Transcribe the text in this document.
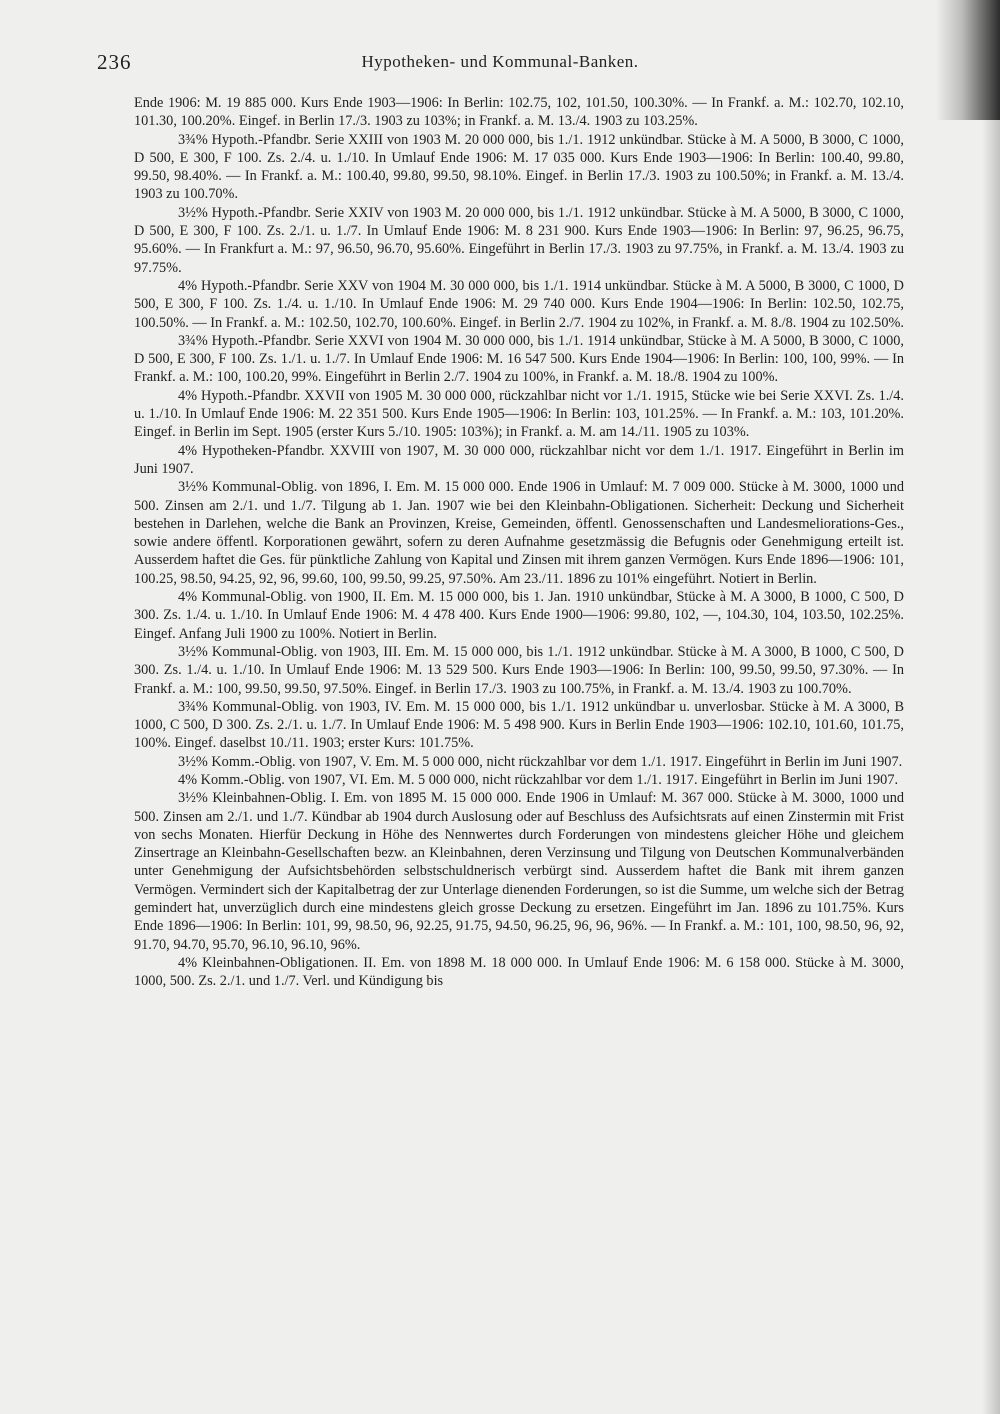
236	Hypotheken- und Kommunal-Banken.

Ende 1906: M. 19 885 000. Kurs Ende 1903—1906: In Berlin: 102.75, 102, 101.50, 100.30%. — In Frankf. a. M.: 102.70, 102.10, 101.30, 100.20%. Eingef. in Berlin 17./3. 1903 zu 103%; in Frankf. a. M. 13./4. 1903 zu 103.25%.

3¾% Hypoth.-Pfandbr. Serie XXIII von 1903 M. 20 000 000, bis 1./1. 1912 unkündbar. Stücke à M. A 5000, B 3000, C 1000, D 500, E 300, F 100. Zs. 2./4. u. 1./10. In Umlauf Ende 1906: M. 17 035 000. Kurs Ende 1903—1906: In Berlin: 100.40, 99.80, 99.50, 98.40%. — In Frankf. a. M.: 100.40, 99.80, 99.50, 98.10%. Eingef. in Berlin 17./3. 1903 zu 100.50%; in Frankf. a. M. 13./4. 1903 zu 100.70%.

3½% Hypoth.-Pfandbr. Serie XXIV von 1903 M. 20 000 000, bis 1./1. 1912 unkündbar. Stücke à M. A 5000, B 3000, C 1000, D 500, E 300, F 100. Zs. 2./1. u. 1./7. In Umlauf Ende 1906: M. 8 231 900. Kurs Ende 1903—1906: In Berlin: 97, 96.25, 96.75, 95.60%. — In Frankfurt a. M.: 97, 96.50, 96.70, 95.60%. Eingeführt in Berlin 17./3. 1903 zu 97.75%, in Frankf. a. M. 13./4. 1903 zu 97.75%.

4% Hypoth.-Pfandbr. Serie XXV von 1904 M. 30 000 000, bis 1./1. 1914 unkündbar. Stücke à M. A 5000, B 3000, C 1000, D 500, E 300, F 100. Zs. 1./4. u. 1./10. In Umlauf Ende 1906: M. 29 740 000. Kurs Ende 1904—1906: In Berlin: 102.50, 102.75, 100.50%. — In Frankf. a. M.: 102.50, 102.70, 100.60%. Eingef. in Berlin 2./7. 1904 zu 102%, in Frankf. a. M. 8./8. 1904 zu 102.50%.

3¾% Hypoth.-Pfandbr. Serie XXVI von 1904 M. 30 000 000, bis 1./1. 1914 unkündbar, Stücke à M. A 5000, B 3000, C 1000, D 500, E 300, F 100. Zs. 1./1. u. 1./7. In Umlauf Ende 1906: M. 16 547 500. Kurs Ende 1904—1906: In Berlin: 100, 100, 99%. — In Frankf. a. M.: 100, 100.20, 99%. Eingeführt in Berlin 2./7. 1904 zu 100%, in Frankf. a. M. 18./8. 1904 zu 100%.

4% Hypoth.-Pfandbr. XXVII von 1905 M. 30 000 000, rückzahlbar nicht vor 1./1. 1915, Stücke wie bei Serie XXVI. Zs. 1./4. u. 1./10. In Umlauf Ende 1906: M. 22 351 500. Kurs Ende 1905—1906: In Berlin: 103, 101.25%. — In Frankf. a. M.: 103, 101.20%. Eingef. in Berlin im Sept. 1905 (erster Kurs 5./10. 1905: 103%); in Frankf. a. M. am 14./11. 1905 zu 103%.

4% Hypotheken-Pfandbr. XXVIII von 1907, M. 30 000 000, rückzahlbar nicht vor dem 1./1. 1917. Eingeführt in Berlin im Juni 1907.

3½% Kommunal-Oblig. von 1896, I. Em. M. 15 000 000. Ende 1906 in Umlauf: M. 7 009 000. Stücke à M. 3000, 1000 und 500. Zinsen am 2./1. und 1./7. Tilgung ab 1. Jan. 1907 wie bei den Kleinbahn-Obligationen. Sicherheit: Deckung und Sicherheit bestehen in Darlehen, welche die Bank an Provinzen, Kreise, Gemeinden, öffentl. Genossenschaften und Landesmeliorations-Ges., sowie andere öffentl. Korporationen gewährt, sofern zu deren Aufnahme gesetzmässig die Befugnis oder Genehmigung erteilt ist. Ausserdem haftet die Ges. für pünktliche Zahlung von Kapital und Zinsen mit ihrem ganzen Vermögen. Kurs Ende 1896—1906: 101, 100.25, 98.50, 94.25, 92, 96, 99.60, 100, 99.50, 99.25, 97.50%. Am 23./11. 1896 zu 101% eingeführt. Notiert in Berlin.

4% Kommunal-Oblig. von 1900, II. Em. M. 15 000 000, bis 1. Jan. 1910 unkündbar, Stücke à M. A 3000, B 1000, C 500, D 300. Zs. 1./4. u. 1./10. In Umlauf Ende 1906: M. 4 478 400. Kurs Ende 1900—1906: 99.80, 102, —, 104.30, 104, 103.50, 102.25%. Eingef. Anfang Juli 1900 zu 100%. Notiert in Berlin.

3½% Kommunal-Oblig. von 1903, III. Em. M. 15 000 000, bis 1./1. 1912 unkündbar. Stücke à M. A 3000, B 1000, C 500, D 300. Zs. 1./4. u. 1./10. In Umlauf Ende 1906: M. 13 529 500. Kurs Ende 1903—1906: In Berlin: 100, 99.50, 99.50, 97.30%. — In Frankf. a. M.: 100, 99.50, 99.50, 97.50%. Eingef. in Berlin 17./3. 1903 zu 100.75%, in Frankf. a. M. 13./4. 1903 zu 100.70%.

3¾% Kommunal-Oblig. von 1903, IV. Em. M. 15 000 000, bis 1./1. 1912 unkündbar u. unverlosbar. Stücke à M. A 3000, B 1000, C 500, D 300. Zs. 2./1. u. 1./7. In Umlauf Ende 1906: M. 5 498 900. Kurs in Berlin Ende 1903—1906: 102.10, 101.60, 101.75, 100%. Eingef. daselbst 10./11. 1903; erster Kurs: 101.75%.

3½% Komm.-Oblig. von 1907, V. Em. M. 5 000 000, nicht rückzahlbar vor dem 1./1. 1917. Eingeführt in Berlin im Juni 1907.

4% Komm.-Oblig. von 1907, VI. Em. M. 5 000 000, nicht rückzahlbar vor dem 1./1. 1917. Eingeführt in Berlin im Juni 1907.

3½% Kleinbahnen-Oblig. I. Em. von 1895 M. 15 000 000. Ende 1906 in Umlauf: M. 367 000. Stücke à M. 3000, 1000 und 500. Zinsen am 2./1. und 1./7. Kündbar ab 1904 durch Auslosung oder auf Beschluss des Aufsichtsrats auf einen Zinstermin mit Frist von sechs Monaten. Hierfür Deckung in Höhe des Nennwertes durch Forderungen von mindestens gleicher Höhe und gleichem Zinsertrage an Kleinbahn-Gesellschaften bezw. an Kleinbahnen, deren Verzinsung und Tilgung von Deutschen Kommunalverbänden unter Genehmigung der Aufsichtsbehörden selbstschuldnerisch verbürgt sind. Ausserdem haftet die Bank mit ihrem ganzen Vermögen. Vermindert sich der Kapitalbetrag der zur Unterlage dienenden Forderungen, so ist die Summe, um welche sich der Betrag gemindert hat, unverzüglich durch eine mindestens gleich grosse Deckung zu ersetzen. Eingeführt im Jan. 1896 zu 101.75%. Kurs Ende 1896—1906: In Berlin: 101, 99, 98.50, 96, 92.25, 91.75, 94.50, 96.25, 96, 96, 96%. — In Frankf. a. M.: 101, 100, 98.50, 96, 92, 91.70, 94.70, 95.70, 96.10, 96.10, 96%.

4% Kleinbahnen-Obligationen. II. Em. von 1898 M. 18 000 000. In Umlauf Ende 1906: M. 6 158 000. Stücke à M. 3000, 1000, 500. Zs. 2./1. und 1./7. Verl. und Kündigung bis
